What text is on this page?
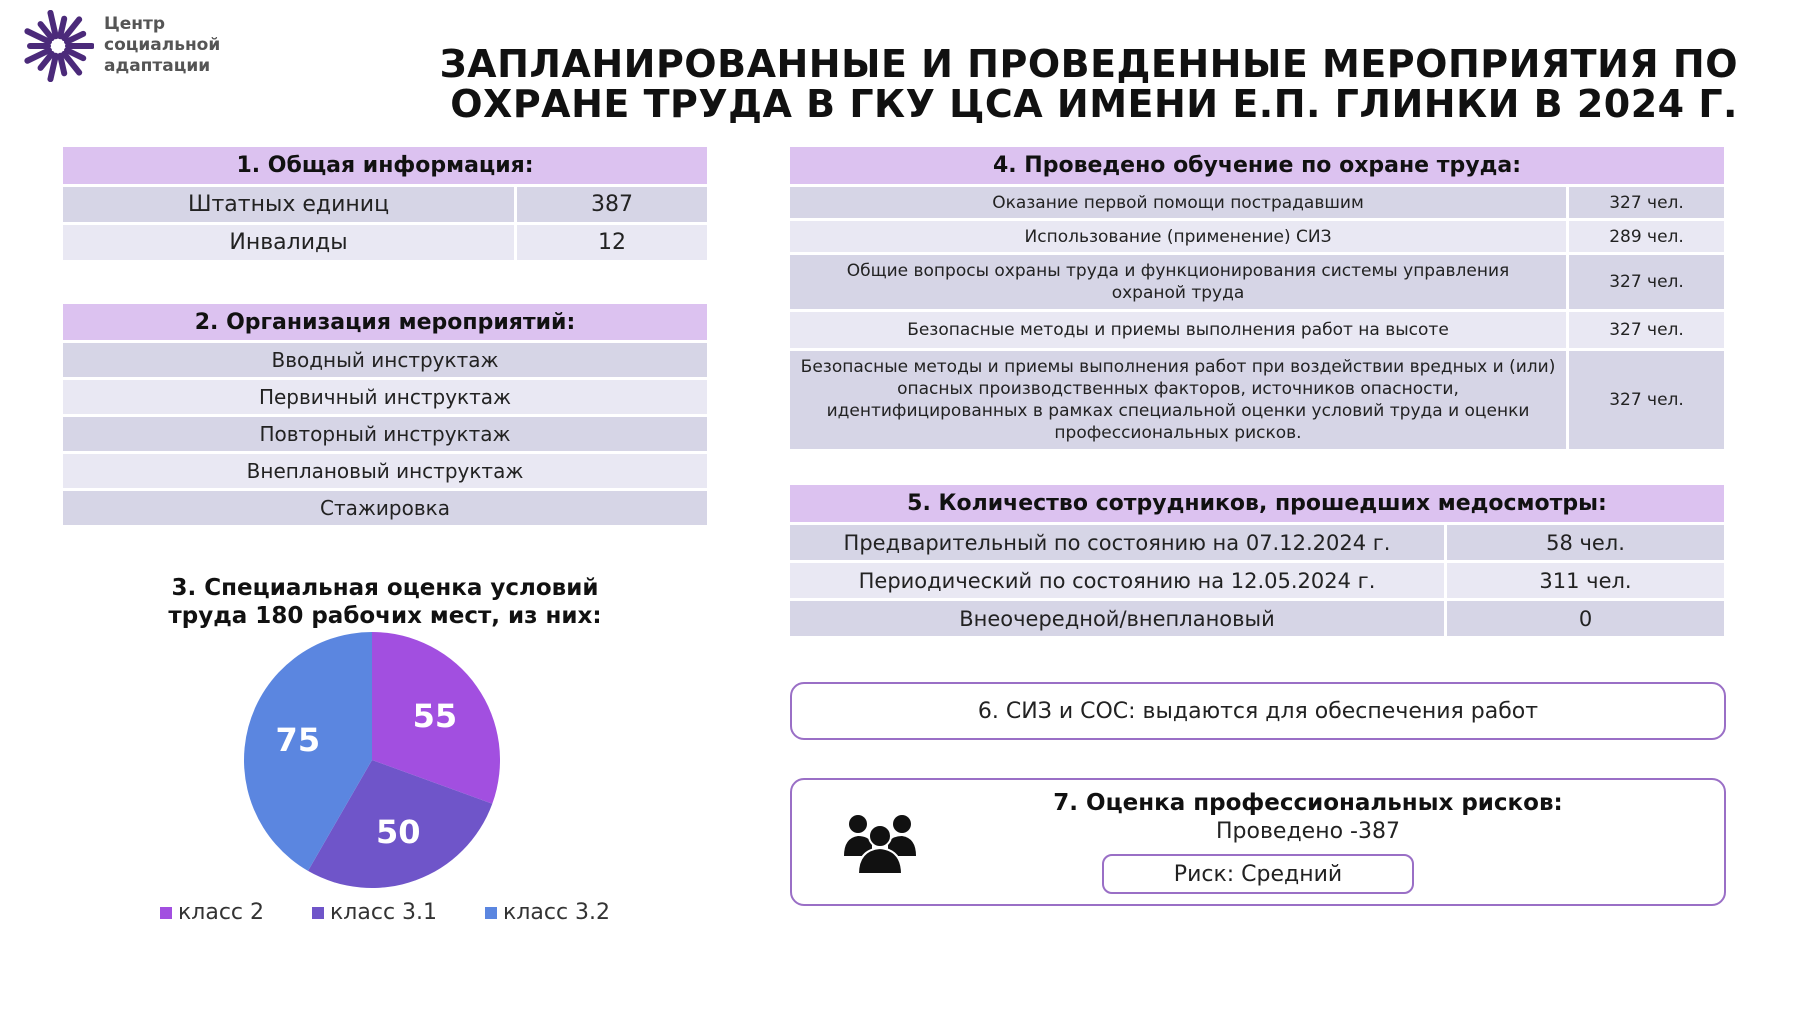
Центр
социальной
адаптации	ЗАПЛАНИРОВАННЫЕ И ПРОВЕДЕННЫЕ МЕРОПРИЯТИЯ ПО
ОХРАНЕ ТРУДА В ГКУ ЦСА ИМЕНИ Е.П. ГЛИНКИ В 2024 Г.
1. Общая информация:
Штатных единиц	387
Инвалиды	12
2. Организация мероприятий:
Вводный инструктаж
Первичный инструктаж
Повторный инструктаж
Внеплановый инструктаж
Стажировка
3. Специальная оценка условий
труда 180 рабочих мест, из них:
55
50
75
класс 2	класс 3.1	класс 3.2
4. Проведено обучение по охране труда:
Оказание первой помощи пострадавшим	327 чел.
Использование (применение) СИЗ	289 чел.
Общие вопросы охраны труда и функционирования системы управления охраной труда	327 чел.
Безопасные методы и приемы выполнения работ на высоте	327 чел.
Безопасные методы и приемы выполнения работ при воздействии вредных и (или) опасных производственных факторов, источников опасности, идентифицированных в рамках специальной оценки условий труда и оценки профессиональных рисков.	327 чел.
5. Количество сотрудников, прошедших медосмотры:
Предварительный по состоянию на 07.12.2024 г.	58 чел.
Периодический по состоянию на 12.05.2024 г.	311 чел.
Внеочередной/внеплановый	0
6. СИЗ и СОС: выдаются для обеспечения работ
7. Оценка профессиональных рисков:
Проведено -387
Риск: Средний
